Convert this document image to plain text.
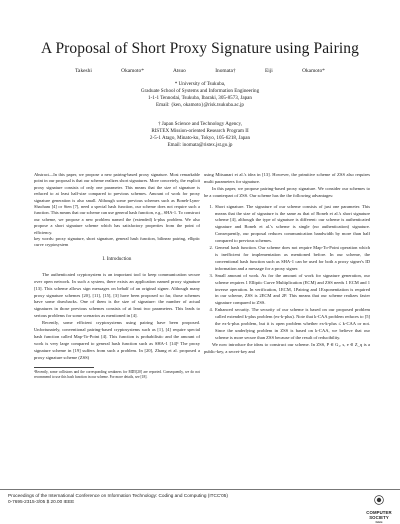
A Proposal of Short Proxy Signature using Pairing
Takeshi Okamoto*	Atsuo Inomata†	Eiji Okamoto*
* University of Tsukuba,
Graduate School of Systems and Information Engineering
1-1-1 Tennodai, Tsukuba, Ibaraki, 305-8573, Japan
Email: {ken, okamoto}@risk.tsukuba.ac.jp
† Japan Science and Technology Agency,
RISTEX Mission-oriented Research Program II
2-5-1 Atago, Minato-ku, Tokyo, 105-6218, Japan
Email: inomata@ristex.jst.go.jp

Abstract—In this paper, we propose a new pairing-based proxy signature. Most remarkable point in our proposal is that our scheme realizes short signatures. More concretely, the explicit proxy signature consists of only one parameter. This means that the size of signature is reduced to at least half-size compared to previous schemes. Amount of work for proxy signature generation is also small. Although some previous schemes such as Boneh-Lynn-Shacham [4] or Sten [7], need a special hash function, our scheme does not require such a function. This means that our scheme can use general hash function, e.g., SHA-1. To construct our scheme, we propose a new problem named the (extended) k-plus problem. We also propose a short signature scheme which has satisfactory properties from the point of efficiency.

key words: proxy signature, short signature, general hash function, bilinear pairing, elliptic curve cryptosystem

I. Introduction

The authenticated cryptosystem is an important tool to keep communication secure over open network. In such a system, there exists an application named proxy signature [13]. This scheme allows sign messages on behalf of an original signer. Although many proxy signature schemes [20], [11], [15], [3] have been proposed so far, those schemes have some drawbacks. One of them is the size of signature: the number of actual signatures in those previous schemes consists of at least two parameters. This leads to serious problems for some scenarios as mentioned in [4].

Recently, some efficient cryptosystems using pairing have been proposed. Unfortunately, conventional pairing-based cryptosystems such as [1], [4] require special hash function called Map-To-Point [4]. This function is probabilistic and the amount of work is very large compared to general hash function such as SHA-1 [14]¹ The proxy signature scheme in [19] suffers from such a problem. In [20], Zhang et al. proposed a proxy signature scheme (ZSS)

¹Recently, some collisions and the corresponding weakness for MD5[20] are reported. Consequently, we do not recommend to use this hash function in our scheme. For more details, see [18].

using Mitsunari et al.'s idea in [13]. However, the primitive scheme of ZSS also requires multi parameters for signature.

In this paper, we propose pairing-based proxy signature. We consider our schemes to be a counterpart of ZSS. Our scheme has the the following advantages:

1. Short signature. The signature of our scheme consists of just one parameter. This means that the size of signature is the same as that of Boneh et al.'s short signature scheme [4], although the type of signature is different: our scheme is authenticated signature and Boneh et al.'s scheme is single (no authentication) signature. Consequently, our proposal reduces communication bandwidth by more than half compared to previous schemes.
2. General hash function. Our scheme does not require Map-To-Point operation which is inefficient for implementation as mentioned before. In our scheme, the conventional hash function such as SHA-1 can be used for both a proxy signer's ID information and a message for a proxy signer.
3. Small amount of work. As for the amount of work for signature generation, our scheme requires 1 Elliptic Curve Multiplication (ECM) and ZSS needs 1 ECM and 1 inverse operation. In verification, 1ECM, 1Pairing and 1Exponentiation is required in our scheme, ZSS is 2ECM and 2P. This means that our scheme realizes faster signature compared to ZSS.
4. Enhanced security. The security of our scheme is based on our proposed problem called extended k-plus problem (ex-k-plus). Note that k-CAA problem reduces to [5] the ex-k-plus problem, but it is open problem whether ex-k-plus ≤ k-CAA or not. Since the underlying problem in ZSS is based on k-CAA, we believe that our scheme is more secure than ZSS because of the result of reducibility.

We now introduce the ideas to construct our scheme. In ZSS, P ∈ G₁, s, e ∈ Z_q is a public-key, a secret-key and

Proceedings of the International Conference on Information Technology: Coding and Computing (ITCC'05)
0-7695-2315-3/05 $ 20.00 IEEE
COMPUTER
SOCIETY
IEEE
